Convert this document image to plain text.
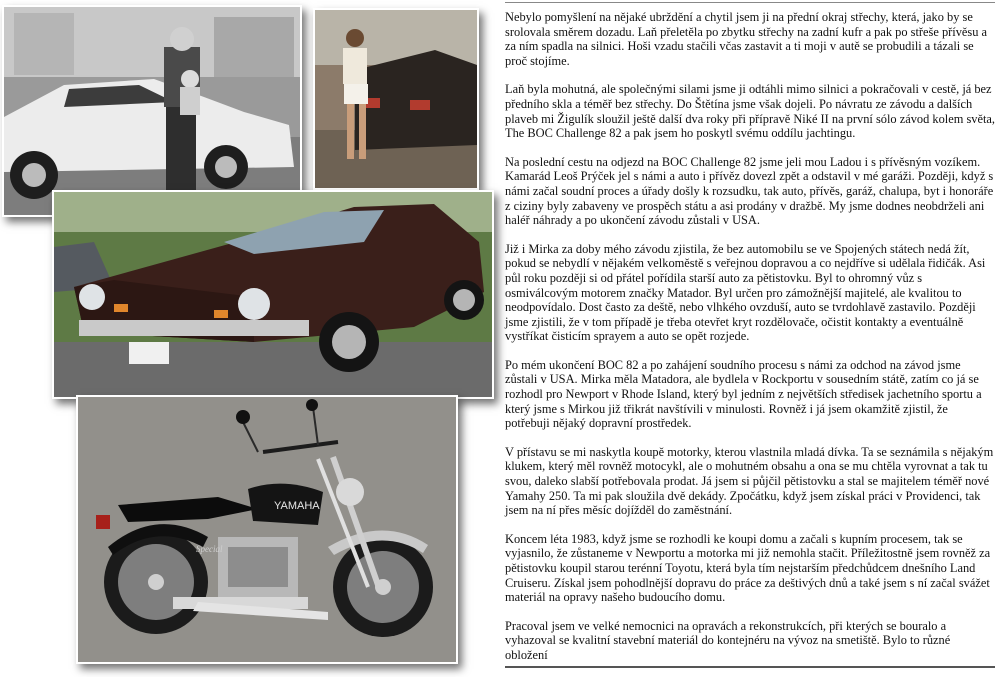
YAMAHA
Special

Nebylo pomyšlení na nějaké ubrždění a chytil jsem ji na přední okraj střechy, která, jako by se srolovala směrem dozadu. Laň přeletěla po zbytku střechy na zadní kufr a pak po střeše přívěsu a za ním spadla na silnici. Hoši vzadu stačili včas zastavit a ti moji v autě se probudili a tázali se proč stojíme.

Laň byla mohutná, ale společnými silami jsme ji odtáhli mimo silnici a pokračovali v cestě, já bez předního skla a téměř bez střechy. Do Štětína jsme však dojeli. Po návratu ze závodu a dalších plaveb mi Žigulík sloužil ještě další dva roky při přípravě Niké II na první sólo závod kolem světa, The BOC Challenge 82 a pak jsem ho poskytl svému oddílu jachtingu.

Na poslední cestu na odjezd na BOC Challenge 82 jsme jeli mou Ladou i s přívěsným vozíkem. Kamarád Leoš Prýček jel s námi a auto i přívěz dovezl zpět a odstavil v mé garáži. Později, když s námi začal soudní proces a úřady došly k rozsudku, tak auto, přívěs, garáž, chalupa, byt i honoráře z ciziny byly zabaveny ve prospěch státu a asi prodány v dražbě. My jsme dodnes neobdrželi ani haléř náhrady a po ukončení závodu zůstali v USA.

Již i Mirka za doby mého závodu zjistila, že bez automobilu se ve Spojených státech nedá žít, pokud se nebydlí v nějakém velkoměstě s veřejnou dopravou a co nejdříve si udělala řidičák. Asi půl roku později si od přátel pořídila starší auto za pětistovku. Byl to ohromný vůz s osmiválcovým motorem značky Matador. Byl určen pro zámožnější majitelé, ale kvalitou to neodpovídalo. Dost často za deště, nebo vlhkého ovzduší, auto se tvrdohlavě zastavilo. Později jsme zjistili, že v tom případě je třeba otevřet kryt rozdělovače, očistit kontakty a eventuálně vystříkat čisticím sprayem a auto se opět rozjede.

Po mém ukončení BOC 82 a po zahájení soudního procesu s námi za odchod na závod jsme zůstali v USA. Mirka měla Matadora, ale bydlela v Rockportu v sousedním státě, zatím co já se rozhodl pro Newport v Rhode Island, který byl jedním z největších středisek jachetního sportu a který jsme s Mirkou již třikrát navštívili v minulosti. Rovněž i já jsem okamžitě zjistil, že potřebuji nějaký dopravní prostředek.

V přístavu se mi naskytla koupě motorky, kterou vlastnila mladá dívka. Ta se seznámila s nějakým klukem, který měl rovněž motocykl, ale o mohutném obsahu a ona se mu chtěla vyrovnat a tak tu svou, daleko slabší potřebovala prodat. Já jsem si půjčil pětistovku a stal se majitelem téměř nové Yamahy 250. Ta mi pak sloužila dvě dekády. Zpočátku, když jsem získal práci v Providenci, tak jsem na ní přes měsíc dojížděl do zaměstnání.

Koncem léta 1983, když jsme se rozhodli ke koupi domu a začali s kupním procesem, tak se vyjasnilo, že zůstaneme v Newportu a motorka mi již nemohla stačit. Příležitostně jsem rovněž za pětistovku koupil starou terénní Toyotu, která byla tím nejstarším předchůdcem dnešního Land Cruiseru. Získal jsem pohodlnější dopravu do práce za deštivých dnů a také jsem s ní začal svážet materiál na opravy našeho budoucího domu.

Pracoval jsem ve velké nemocnici na opravách a rekonstrukcích, při kterých se bouralo a vyhazoval se kvalitní stavební materiál do kontejnéru na vývoz na smetiště. Bylo to různé obložení
